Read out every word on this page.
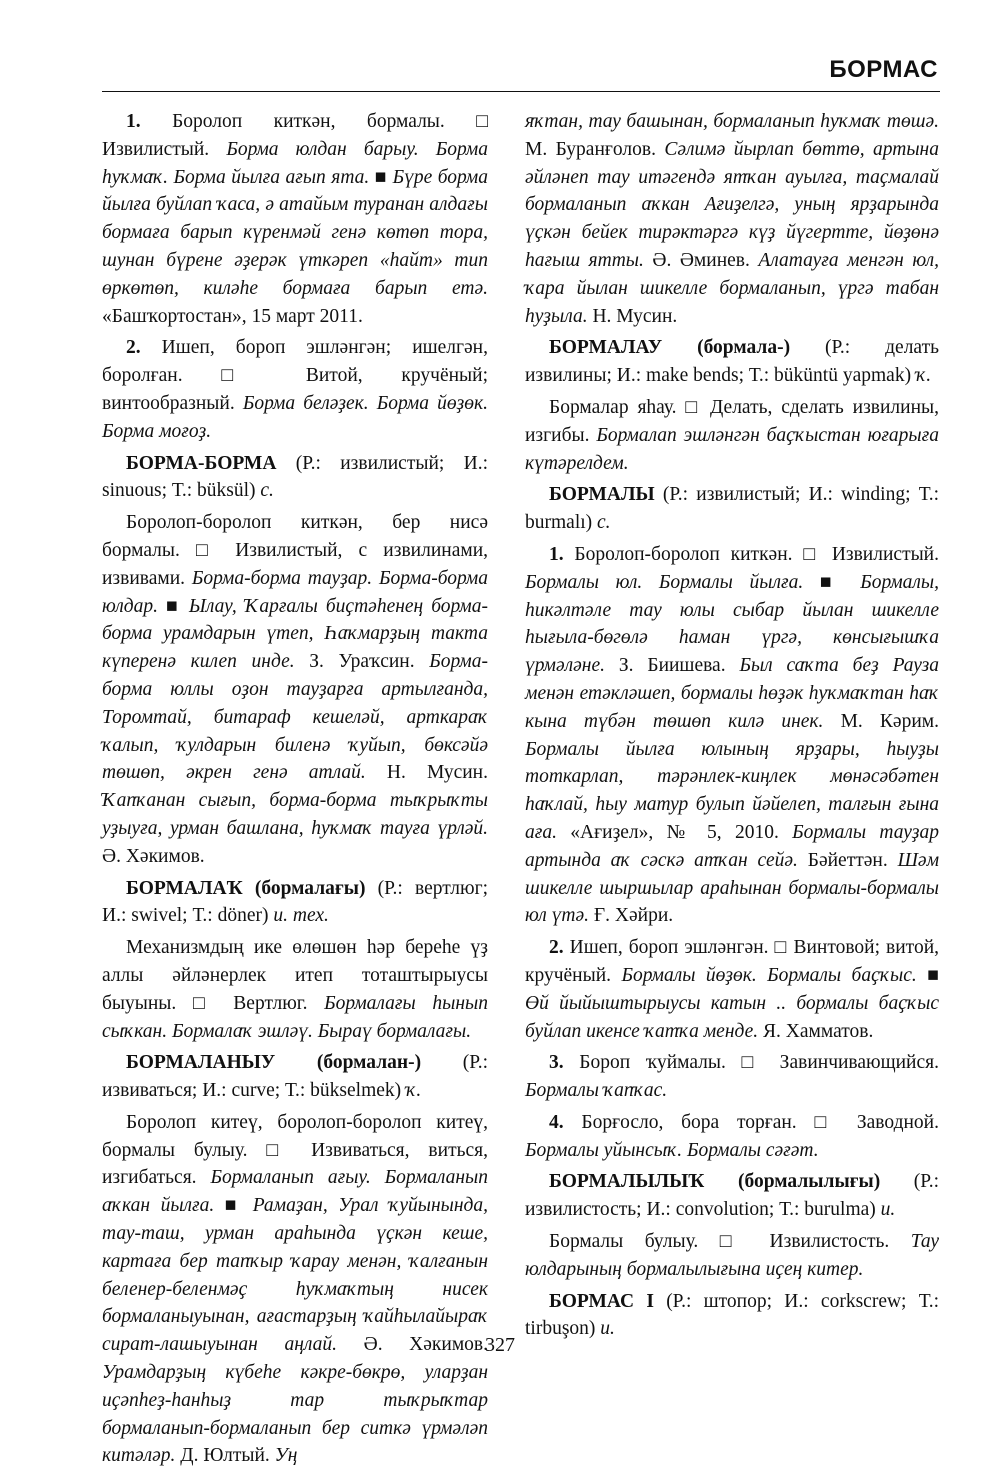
БОРМАС

1. Боролоп киткән, бормалы. □ Извилистый. Борма юлдан барыу. Борма һуҡмаҡ. Борма йылға ағып ята. ■ Бүре борма йылға буйлап ҡаса, ә атайым туранан алдағы бормаға барып күренмәй генә көтөп тора, шунан бүрене әҙерәк үткәреп «һайт» тип өркөтөп, киләһе бормаға барып етә. «Башҡортостан», 15 март 2011.

2. Ишеп, бороп эшләнгән; ишелгән, боролған. □ Витой, кручёный; винтообразный. Борма беләҙек. Борма йөҙөк. Борма моғоҙ.

БОРМА-БОРМА (Р.: извилистый; И.: sinuous; Т.: büksül) с.

Боролоп-боролоп киткән, бер нисә бормалы. □ Извилистый, с извилинами, извивами. Борма-борма тауҙар. Борма-борма юлдар. ■ Ылау, Ҡарғалы биҫтәһенең борма-борма урамдарын үтеп, Һаҡмарҙың такта күперенә килеп инде. З. Ураҡсин. Борма-борма юллы оҙон тауҙарға артылғанда, Торомтай, битараф кешеләй, арткараҡ ҡалып, ҡулдарын биленә ҡуйып, бөксәйә төшөп, әкрен генә атлай. Н. Мусин. Ҡапҡанан сығып, борма-борма тыҡрыҡты уҙыуға, урман башлана, һуҡмаҡ тауға үрләй. Ә. Хәкимов.

БОРМАЛАҠ (бормалағы) (Р.: вертлюг; И.: swivel; Т.: döner) и. тех.

Механизмдың ике өлөшөн һәр береһе үҙ аллы әйләнерлек итеп тоташтырыусы быуыны. □ Вертлюг. Бормалағы һынып сыҡкан. Бормалаҡ эшләү. Быраү бормалағы.

БОРМАЛАНЫУ (бормалан-) (Р.: извиваться; И.: curve; Т.: bükselmek) ҡ.

Боролоп китеү, боролоп-боролоп китеү, бормалы булыу. □ Извиваться, виться, изгибаться. Бормаланып ағыу. Бормаланып аҡкан йылға. ■ Рамаҙан, Урал ҡуйынында, тау-таш, урман араһында үҫкән кеше, картаға бер тапҡыр ҡарау менән, ҡалғанын беленер-беленмәҫ һуҡмаҡтың нисек бормаланыуынан, ағастарҙың ҡайһылайыраҡ сират-лашыуынан аңлай. Ә. Хәкимов. Урамдарҙың күбеһе кәкре-бөкрө, уларҙан иҫәпһеҙ-һанһыҙ тар тыҡрыҡтар бормаланып-бормаланып бер ситкә үрмәләп китәләр. Д. Юлтый. Уң

яҡтан, тау башынан, бормаланып һуҡмаҡ төшә. М. Буранғолов. Сәлимә йырлап бөттө, артына әйләнеп тау итәгендә ятҡан ауылға, таҫмалай бормаланып аҡкан Ағиҙелгә, уның ярҙарында үҫкән бейек тирәктәргә күҙ йүгертте, йөҙөнә һағыш ятты. Ә. Әминев. Алатауға менгән юл, ҡара йылан шикелле бормаланып, үргә табан һуҙыла. Н. Мусин.

БОРМАЛАУ (бормала-) (Р.: делать извилины; И.: make bends; Т.: büküntü yapmak) ҡ.

Бормалар яһау. □ Делать, сделать извилины, изгибы. Бормалап эшләнгән баҫҡыстан юғарыға күтәрелдем.

БОРМАЛЫ (Р.: извилистый; И.: winding; Т.: burmalı) с.

1. Боролоп-боролоп киткән. □ Извилистый. Бормалы юл. Бормалы йылға. ■ Бормалы, һикәлтәле тау юлы сыбар йылан шикелле һығыла-бөгөлә һаман үргә, көнсығышҡа үрмәләне. З. Биишева. Был саҡта беҙ Рауза менән етәкләшеп, бормалы һөҙәк һуҡмаҡтан һаҡ кына түбән төшөп килә инек. М. Кәрим. Бормалы йылға юлының ярҙары, һыуҙы тоткарлап, тәрәнлек-киңлек мөнәсәбәтен һаҡлай, һыу матур булып йәйелеп, талғын ғына аға. «Ағиҙел», № 5, 2010. Бормалы тауҙар артында аҡ сәскә атҡан сейә. Бәйеттән. Шәм шикелле шыршылар араһынан бормалы-бормалы юл үтә. Ғ. Хәйри.

2. Ишеп, бороп эшләнгән. □ Винтовой; витой, кручёный. Бормалы йөҙөк. Бормалы баҫҡыс. ■ Өй йыйыштырыусы катын .. бормалы баҫҡыс буйлап икенсе ҡатҡа менде. Я. Хамматов.

3. Бороп ҡуймалы. □ Завинчивающийся. Бормалы ҡапҡас.

4. Борғосло, бора торған. □ Заводной. Бормалы уйынсыҡ. Бормалы сәғәт.

БОРМАЛЫЛЫҠ (бормалылығы) (Р.: извилистость; И.: convolution; Т.: burulma) и.

Бормалы булыу. □ Извилистость. Тау юлдарының бормалылығына иҫең китер.

БОРМАС I (Р.: штопор; И.: corkscrew; Т.: tirbuşon) и.

327
